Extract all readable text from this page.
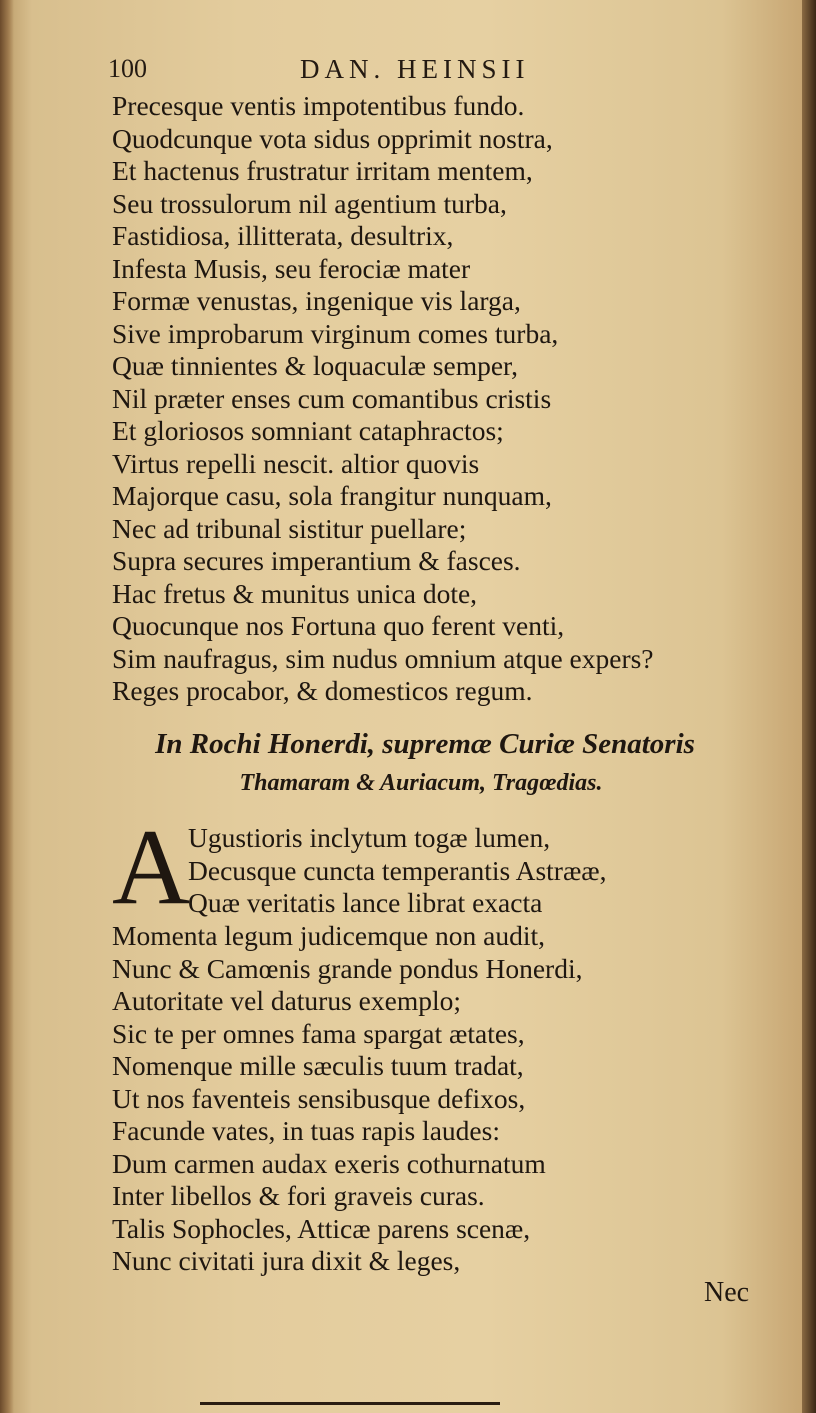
100	DAN. HEINSII
Precesque ventis impotentibus fundo.
Quodcunque vota sidus opprimit nostra,
Et hactenus frustratur irritam mentem,
Seu trossulorum nil agentium turba,
Fastidiosa, illitterata, desultrix,
Infesta Musis, seu ferociæ mater
Formæ venustas, ingenique vis larga,
Sive improbarum virginum comes turba,
Quæ tinnientes & loquaculæ semper,
Nil præter enses cum comantibus cristis
Et gloriosos somniant cataphractos;
Virtus repelli nescit. altior quovis
Majorque casu, sola frangitur nunquam,
Nec ad tribunal sistitur puellare;
Supra secures imperantium & fasces.
Hac fretus & munitus unica dote,
Quocunque nos Fortuna quo ferent venti,
Sim naufragus, sim nudus omnium atque expers?
Reges procabor, & domesticos regum.
In Rochi Honerdi, supremæ Curiæ Senatoris
Thamaram & Auriacum, Tragœdias.
A
Ugustioris inclytum togæ lumen,
Decusque cuncta temperantis Astrææ,
Quæ veritatis lance librat exacta
Momenta legum judicemque non audit,
Nunc & Camœnis grande pondus Honerdi,
Autoritate vel daturus exemplo;
Sic te per omnes fama spargat ætates,
Nomenque mille sæculis tuum tradat,
Ut nos faventeis sensibusque defixos,
Facunde vates, in tuas rapis laudes:
Dum carmen audax exeris cothurnatum
Inter libellos & fori graveis curas.
Talis Sophocles, Atticæ parens scenæ,
Nunc civitati jura dixit & leges,
Nec
